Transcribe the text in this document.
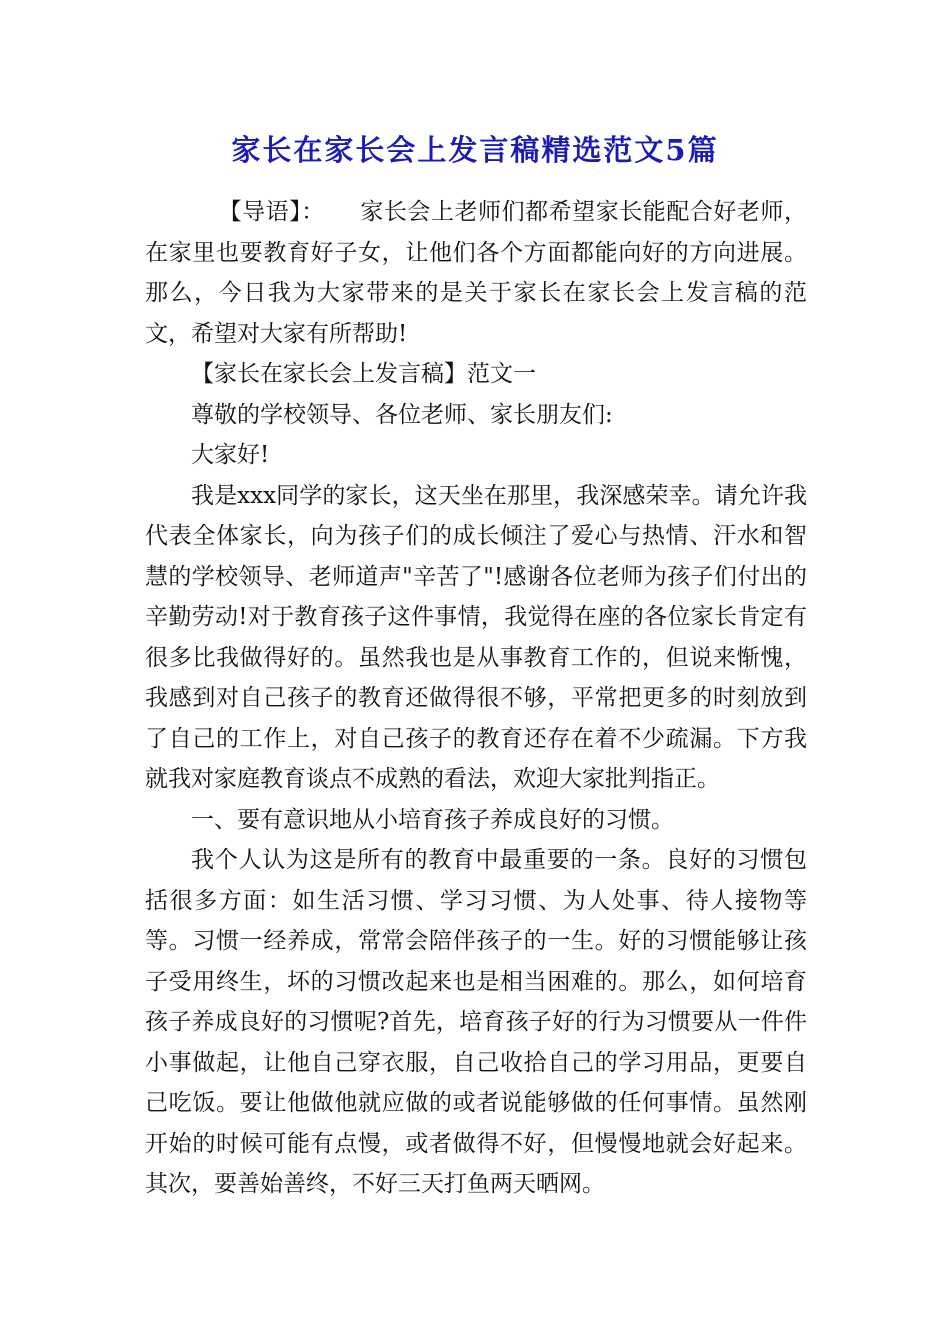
家长在家长会上发言稿精选范文5篇

【导语】：　　家长会上老师们都希望家长能配合好老师，在家里也要教育好子女，让他们各个方面都能向好的方向进展。那么，今日我为大家带来的是关于家长在家长会上发言稿的范文，希望对大家有所帮助!

【家长在家长会上发言稿】范文一

尊敬的学校领导、各位老师、家长朋友们:

大家好!

我是xxx同学的家长，这天坐在那里，我深感荣幸。请允许我代表全体家长，向为孩子们的成长倾注了爱心与热情、汗水和智慧的学校领导、老师道声"辛苦了"!感谢各位老师为孩子们付出的辛勤劳动!对于教育孩子这件事情，我觉得在座的各位家长肯定有很多比我做得好的。虽然我也是从事教育工作的，但说来惭愧，我感到对自己孩子的教育还做得很不够，平常把更多的时刻放到了自己的工作上，对自己孩子的教育还存在着不少疏漏。下方我就我对家庭教育谈点不成熟的看法，欢迎大家批判指正。

一、要有意识地从小培育孩子养成良好的习惯。

我个人认为这是所有的教育中最重要的一条。良好的习惯包括很多方面：如生活习惯、学习习惯、为人处事、待人接物等等。习惯一经养成，常常会陪伴孩子的一生。好的习惯能够让孩子受用终生，坏的习惯改起来也是相当困难的。那么，如何培育孩子养成良好的习惯呢?首先，培育孩子好的行为习惯要从一件件小事做起，让他自己穿衣服，自己收拾自己的学习用品，更要自己吃饭。要让他做他就应做的或者说能够做的任何事情。虽然刚开始的时候可能有点慢，或者做得不好，但慢慢地就会好起来。其次，要善始善终，不好三天打鱼两天晒网。
